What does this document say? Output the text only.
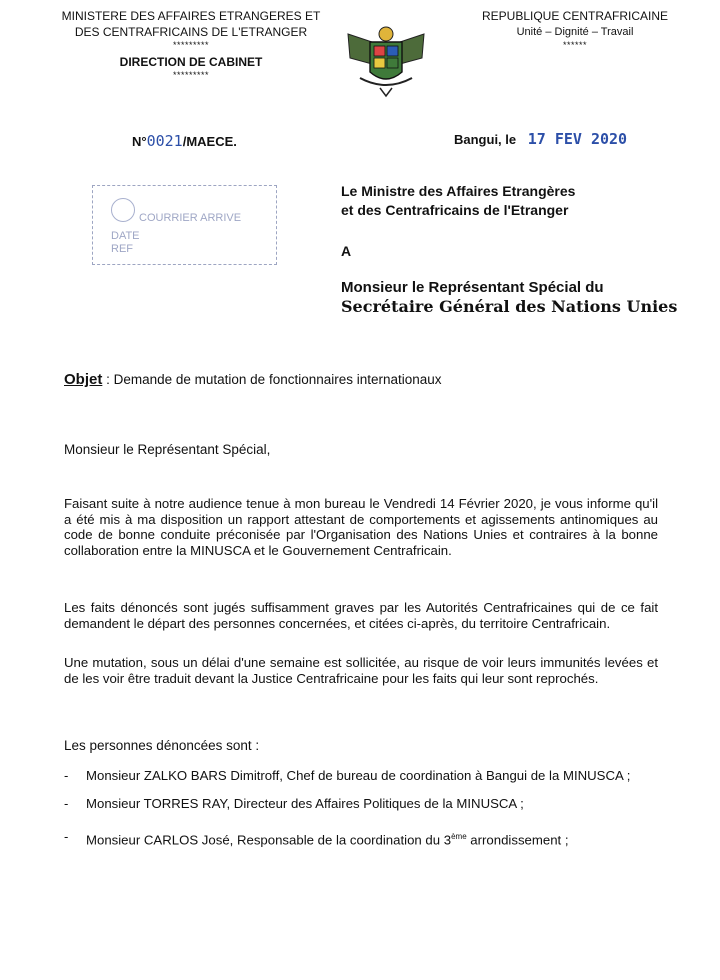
MINISTERE DES AFFAIRES ETRANGERES ET
DES CENTRAFRICAINS DE L'ETRANGER
*********
DIRECTION DE CABINET
*********
REPUBLIQUE CENTRAFRICAINE
Unité – Dignité – Travail
******
N°0021/MAECE.	Bangui, le 17 FEV 2020
COURRIER ARRIVE
DATE
REF
Le Ministre des Affaires Etrangères
et des Centrafricains de l'Etranger
A
Monsieur le Représentant Spécial du
Secrétaire Général des Nations Unies
Objet : Demande de mutation de fonctionnaires internationaux
Monsieur le Représentant Spécial,
Faisant suite à notre audience tenue à mon bureau le Vendredi 14 Février 2020, je vous informe qu'il a été mis à ma disposition un rapport attestant de comportements et agissements antinomiques au code de bonne conduite préconisée par l'Organisation des Nations Unies et contraires à la bonne collaboration entre la MINUSCA et le Gouvernement Centrafricain.
Les faits dénoncés sont jugés suffisamment graves par les Autorités Centrafricaines qui de ce fait demandent le départ des personnes concernées, et citées ci-après, du territoire Centrafricain.
Une mutation, sous un délai d'une semaine est sollicitée, au risque de voir leurs immunités levées et de les voir être traduit devant la Justice Centrafricaine pour les faits qui leur sont reprochés.
Les personnes dénoncées sont :
-	Monsieur ZALKO BARS Dimitroff, Chef de bureau de coordination à Bangui de la MINUSCA ;
-	Monsieur TORRES RAY, Directeur des Affaires Politiques de la MINUSCA ;
-	Monsieur CARLOS José, Responsable de la coordination du 3ème arrondissement ;
